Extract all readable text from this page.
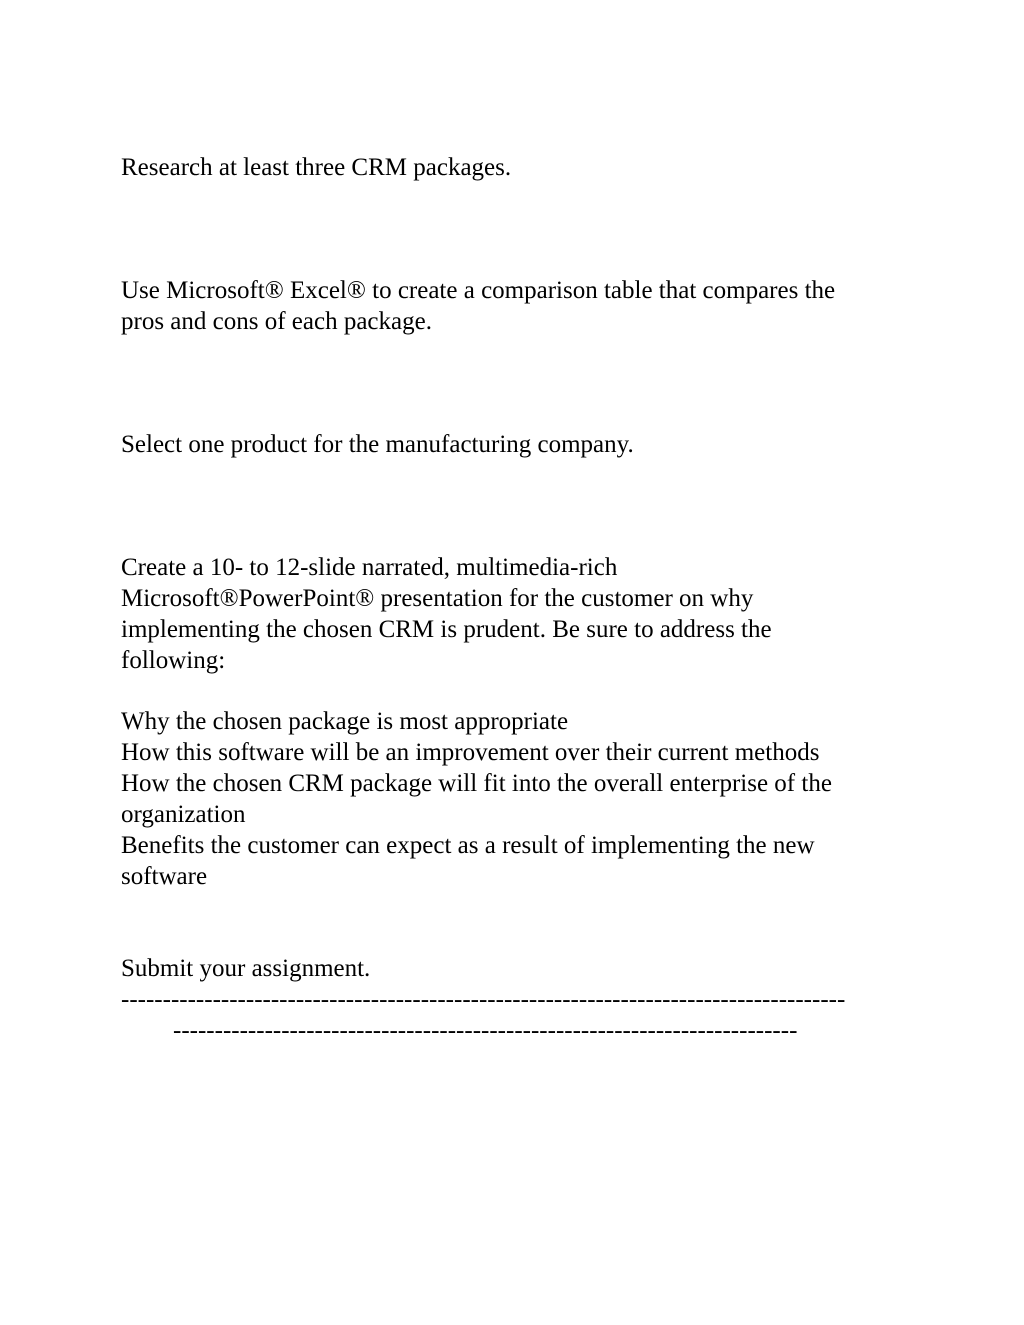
Research at least three CRM packages.

Use Microsoft® Excel® to create a comparison table that compares the

pros and cons of each package.

Select one product for the manufacturing company.

Create a 10- to 12-slide narrated, multimedia-rich

Microsoft®PowerPoint® presentation for the customer on why

implementing the chosen CRM is prudent. Be sure to address the

following:

Why the chosen package is most appropriate

How this software will be an improvement over their current methods

How the chosen CRM package will fit into the overall enterprise of the

organization

Benefits the customer can expect as a result of implementing the new

software

Submit your assignment.

---------------------------------------------------------------------------------------

---------------------------------------------------------------------------
